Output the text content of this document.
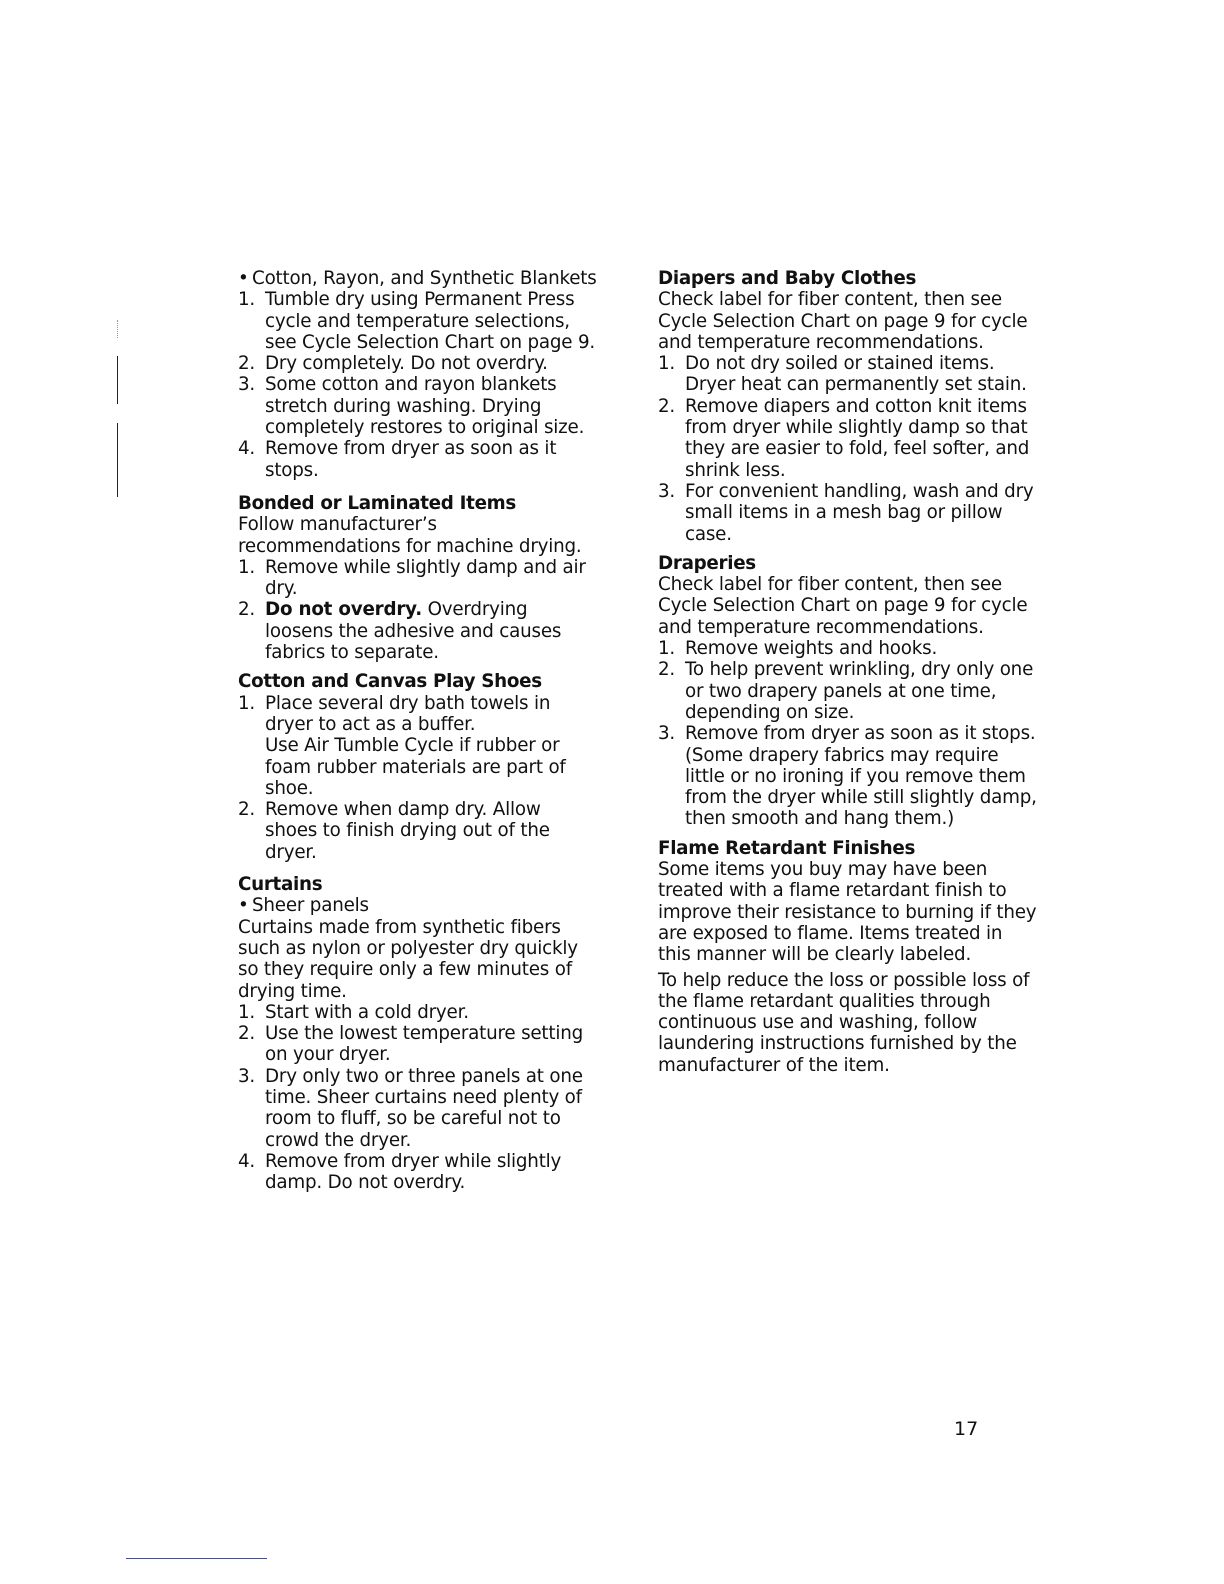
• Cotton, Rayon, and Synthetic Blankets
1. Tumble dry using Permanent Press cycle and temperature selections, see Cycle Selection Chart on page 9.
2. Dry completely. Do not overdry.
3. Some cotton and rayon blankets stretch during washing. Drying completely restores to original size.
4. Remove from dryer as soon as it stops.
Bonded or Laminated Items

Follow manufacturer’s recommendations for machine drying.

1. Remove while slightly damp and air dry.
2. Do not overdry. Overdrying loosens the adhesive and causes fabrics to separate.
Cotton and Canvas Play Shoes
1. Place several dry bath towels in dryer to act as a buffer.
Use Air Tumble Cycle if rubber or foam rubber materials are part of shoe.
2. Remove when damp dry. Allow shoes to finish drying out of the dryer.
Curtains
• Sheer panels

Curtains made from synthetic fibers such as nylon or polyester dry quickly so they require only a few minutes of drying time.

1. Start with a cold dryer.
2. Use the lowest temperature setting on your dryer.
3. Dry only two or three panels at one time. Sheer curtains need plenty of room to fluff, so be careful not to crowd the dryer.
4. Remove from dryer while slightly damp. Do not overdry.
Diapers and Baby Clothes

Check label for fiber content, then see Cycle Selection Chart on page 9 for cycle and temperature recommendations.

1. Do not dry soiled or stained items. Dryer heat can permanently set stain.
2. Remove diapers and cotton knit items from dryer while slightly damp so that they are easier to fold, feel softer, and shrink less.
3. For convenient handling, wash and dry small items in a mesh bag or pillow case.
Draperies

Check label for fiber content, then see Cycle Selection Chart on page 9 for cycle and temperature recommendations.

1. Remove weights and hooks.
2. To help prevent wrinkling, dry only one or two drapery panels at one time, depending on size.
3. Remove from dryer as soon as it stops. (Some drapery fabrics may require little or no ironing if you remove them from the dryer while still slightly damp, then smooth and hang them.)
Flame Retardant Finishes

Some items you buy may have been treated with a flame retardant finish to improve their resistance to burning if they are exposed to flame. Items treated in this manner will be clearly labeled.

To help reduce the loss or possible loss of the flame retardant qualities through continuous use and washing, follow laundering instructions furnished by the manufacturer of the item.

17
